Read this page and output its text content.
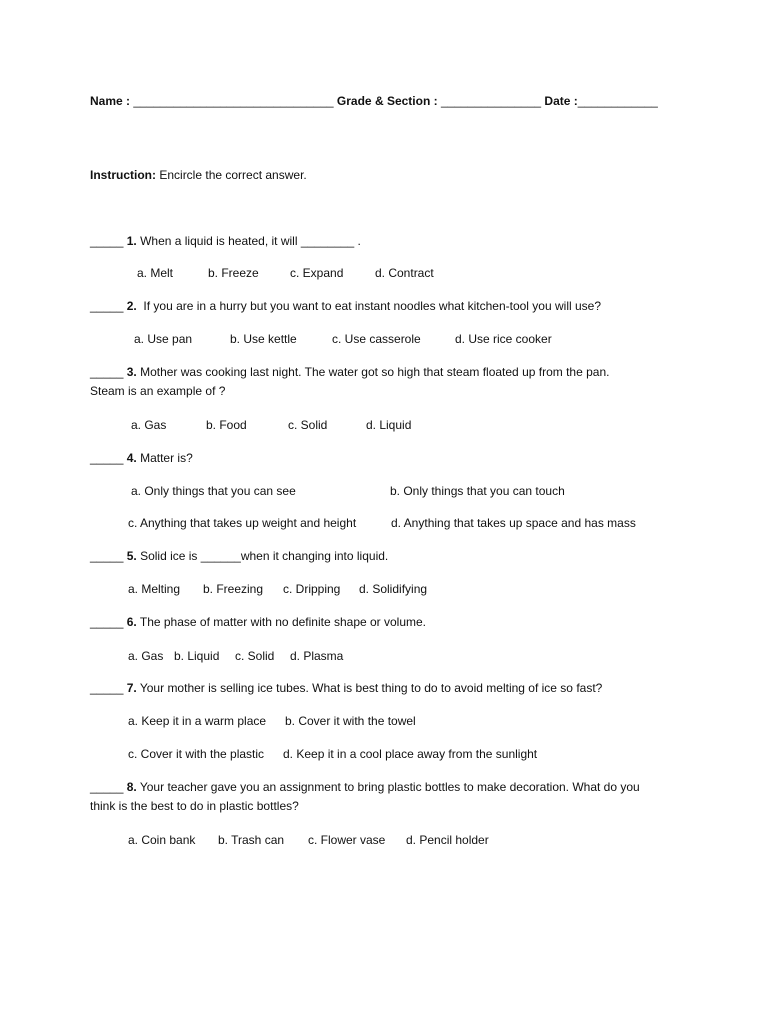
Name : ______________________________ Grade & Section : _______________ Date :____________
Instruction: Encircle the correct answer.
_____ 1. When a liquid is heated, it will ________ .

a. Melt

	b. Freeze

	c. Expand

	d. Contract

_____ 2. If you are in a hurry but you want to eat instant noodles what kitchen-tool you will use?

a. Use pan

	b. Use kettle

	c. Use casserole

	d. Use rice cooker

_____ 3. Mother was cooking last night. The water got so high that steam floated up from the pan.
Steam is an example of ?

a. Gas

	b. Food

	c. Solid

	d. Liquid

_____ 4. Matter is?

a. Only things that you can see

	b. Only things that you can touch

c. Anything that takes up weight and height

	d. Anything that takes up space and has mass

_____ 5. Solid ice is ______when it changing into liquid.

a. Melting

b. Freezing

c. Dripping

d. Solidifying

_____ 6. The phase of matter with no definite shape or volume.

a. Gas

b. Liquid

c. Solid

d. Plasma

_____ 7. Your mother is selling ice tubes. What is best thing to do to avoid melting of ice so fast?

a. Keep it in a warm place

b. Cover it with the towel

c. Cover it with the plastic

d. Keep it in a cool place away from the sunlight

_____ 8. Your teacher gave you an assignment to bring plastic bottles to make decoration. What do you
think is the best to do in plastic bottles?

a. Coin bank

b. Trash can

c. Flower vase

d. Pencil holder
